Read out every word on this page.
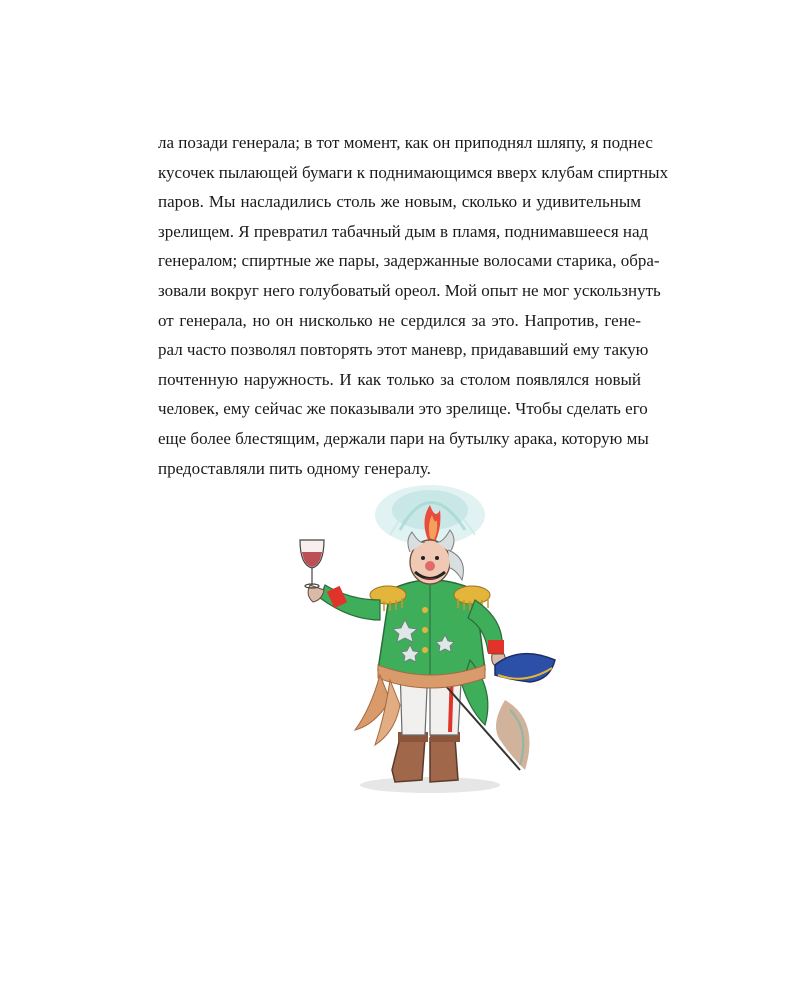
ла позади генерала; в тот момент, как он приподнял шляпу, я поднес
кусочек пылающей бумаги к поднимающимся вверх клубам спиртных
паров. Мы насладились столь же новым, сколько и удивительным
зрелищем. Я превратил табачный дым в пламя, поднимавшееся над
генералом; спиртные же пары, задержанные волосами старика, обра-
зовали вокруг него голубоватый ореол. Мой опыт не мог ускользнуть
от генерала, но он нисколько не сердился за это. Напротив, гене-
рал часто позволял повторять этот маневр, придававший ему такую
почтенную наружность. И как только за столом появлялся новый
человек, ему сейчас же показывали это зрелище. Чтобы сделать его
еще более блестящим, держали пари на бутылку арака, которую мы
предоставляли пить одному генералу.
